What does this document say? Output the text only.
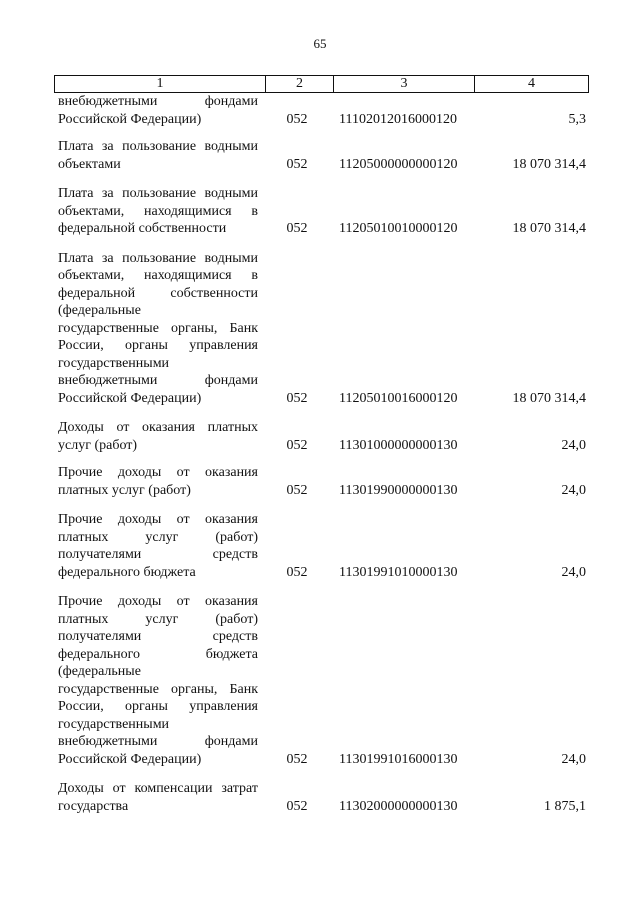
65
1	2	3	4
внебюджетными фондами
Российской Федерации)	052	11102012016000120	5,3
Плата за пользование водными
объектами	052	11205000000000120	18 070 314,4
Плата за пользование водными
объектами, находящимися в
федеральной собственности	052	11205010010000120	18 070 314,4
Плата за пользование водными
объектами, находящимися в
федеральной собственности
(федеральные
государственные органы, Банк
России, органы управления
государственными
внебюджетными фондами
Российской Федерации)	052	11205010016000120	18 070 314,4
Доходы от оказания платных
услуг (работ)	052	11301000000000130	24,0
Прочие доходы от оказания
платных услуг (работ)	052	11301990000000130	24,0
Прочие доходы от оказания
платных услуг (работ)
получателями средств
федерального бюджета	052	11301991010000130	24,0
Прочие доходы от оказания
платных услуг (работ)
получателями средств
федерального бюджета
(федеральные
государственные органы, Банк
России, органы управления
государственными
внебюджетными фондами
Российской Федерации)	052	11301991016000130	24,0
Доходы от компенсации затрат
государства	052	11302000000000130	1 875,1
